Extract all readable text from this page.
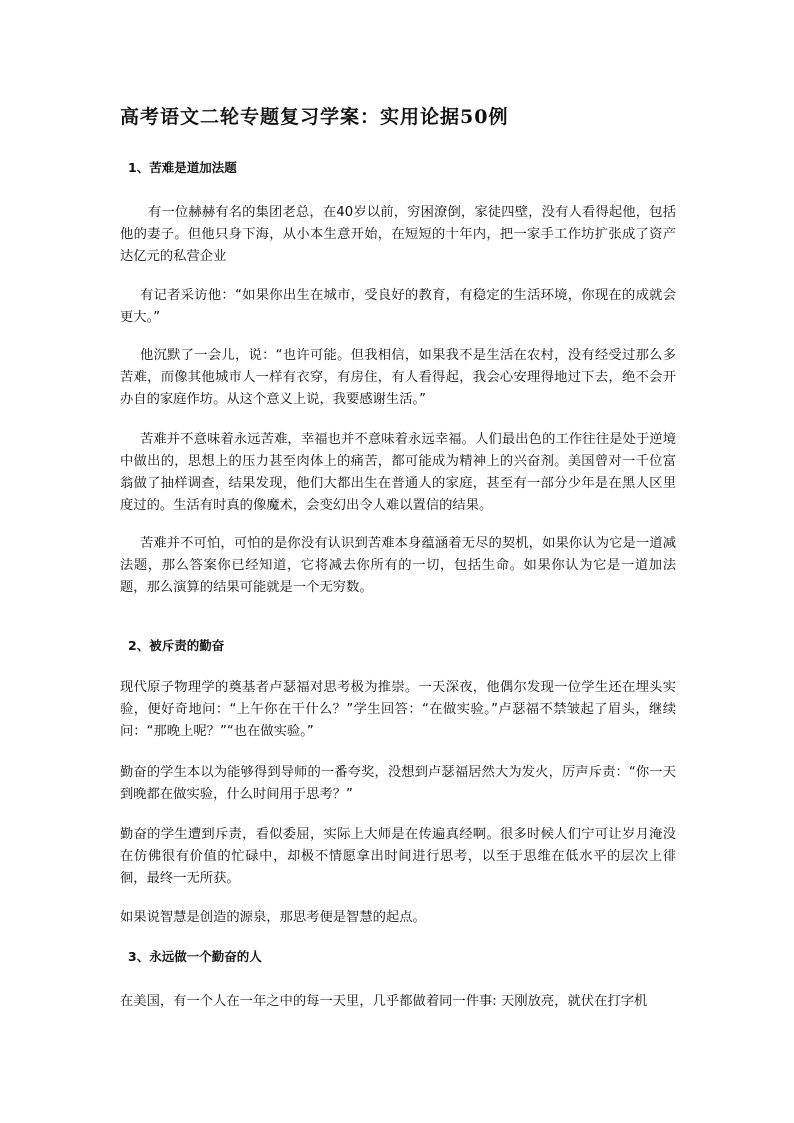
高考语文二轮专题复习学案：实用论据50例
1、苦难是道加法题

有一位赫赫有名的集团老总，在40岁以前，穷困潦倒，家徒四壁，没有人看得起他，包括他的妻子。但他只身下海，从小本生意开始，在短短的十年内，把一家手工作坊扩张成了资产达亿元的私营企业

有记者采访他：“如果你出生在城市，受良好的教育，有稳定的生活环境，你现在的成就会更大。”

他沉默了一会儿，说：“也许可能。但我相信，如果我不是生活在农村，没有经受过那么多苦难，而像其他城市人一样有衣穿，有房住，有人看得起，我会心安理得地过下去，绝不会开办自的家庭作坊。从这个意义上说，我要感谢生活。”

苦难并不意味着永远苦难，幸福也并不意味着永远幸福。人们最出色的工作往往是处于逆境中做出的，思想上的压力甚至肉体上的痛苦，都可能成为精神上的兴奋剂。美国曾对一千位富翁做了抽样调查，结果发现，他们大都出生在普通人的家庭，甚至有一部分少年是在黑人区里度过的。生活有时真的像魔术，会变幻出令人难以置信的结果。

苦难并不可怕，可怕的是你没有认识到苦难本身蕴涵着无尽的契机，如果你认为它是一道减法题，那么答案你已经知道，它将减去你所有的一切，包括生命。如果你认为它是一道加法题，那么演算的结果可能就是一个无穷数。

2、被斥责的勤奋

现代原子物理学的奠基者卢瑟福对思考极为推崇。一天深夜，他偶尔发现一位学生还在埋头实验，便好奇地问：“上午你在干什么？”学生回答：“在做实验。”卢瑟福不禁皱起了眉头，继续问：“那晚上呢？”“也在做实验。”

勤奋的学生本以为能够得到导师的一番夸奖，没想到卢瑟福居然大为发火，厉声斥责：“你一天到晚都在做实验，什么时间用于思考？”

勤奋的学生遭到斥责，看似委屈，实际上大师是在传遍真经啊。很多时候人们宁可让岁月淹没在仿佛很有价值的忙碌中，却极不情愿拿出时间进行思考，以至于思维在低水平的层次上徘徊，最终一无所获。

如果说智慧是创造的源泉，那思考便是智慧的起点。

3、永远做一个勤奋的人

在美国，有一个人在一年之中的每一天里，几乎都做着同一件事: 天刚放亮，就伏在打字机
